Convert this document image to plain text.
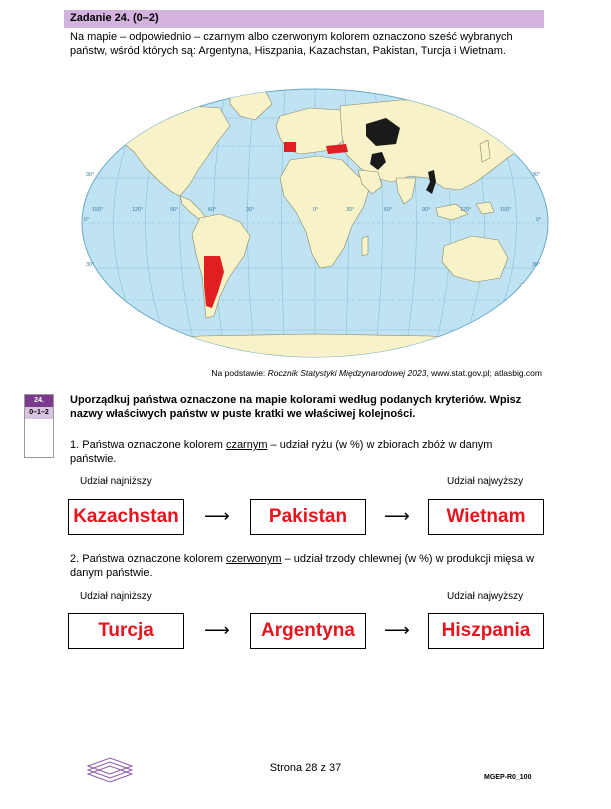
Zadanie 24. (0–2)
Na mapie – odpowiednio – czarnym albo czerwonym kolorem oznaczono sześć wybranych państw, wśród których są: Argentyna, Hiszpania, Kazachstan, Pakistan, Turcja i Wietnam.
150°	120°	90°	60°	30°	0°	30°	60°	90°	120°	150°
30°
0°
30°
30°
0°
30°
Na podstawie: Rocznik Statystyki Międzynarodowej 2023, www.stat.gov.pl; atlasbig.com
24.
0–1–2
Uporządkuj państwa oznaczone na mapie kolorami według podanych kryteriów. Wpisz nazwy właściwych państw w puste kratki we właściwej kolejności.
1. Państwa oznaczone kolorem czarnym – udział ryżu (w %) w zbiorach zbóż w danym państwie.
Udział najniższy	Udział najwyższy
Kazachstan ⟶	Pakistan	⟶	Wietnam
2. Państwa oznaczone kolorem czerwonym – udział trzody chlewnej (w %) w produkcji mięsa w danym państwie.
Udział najniższy	Udział najwyższy
Turcja	⟶	Argentyna	⟶	Hiszpania
Strona 28 z 37
MGEP-R0_100
